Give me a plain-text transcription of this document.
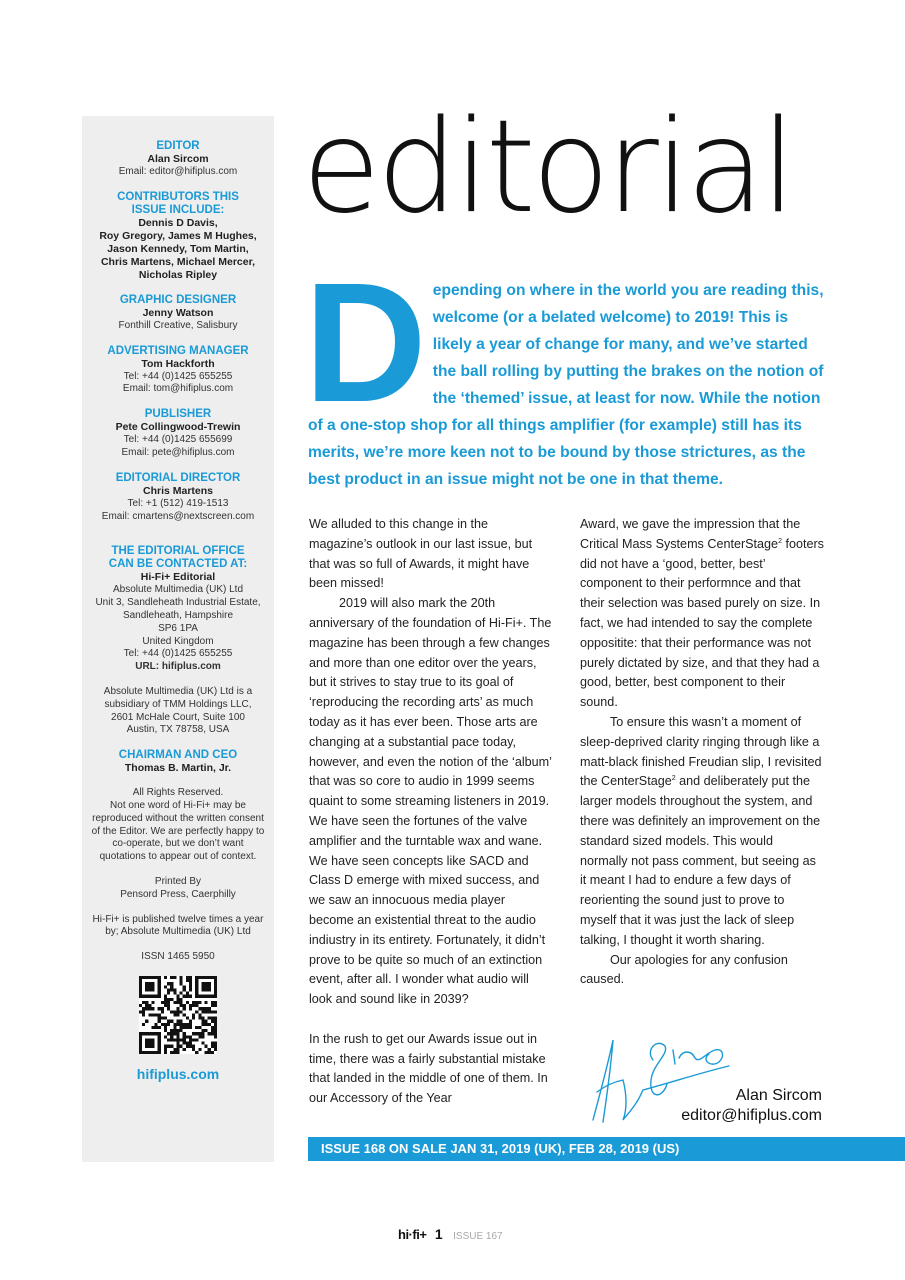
EDITOR
Alan Sircom
Email: editor@hifiplus.com
CONTRIBUTORS THIS ISSUE INCLUDE:
Dennis D Davis,
Roy Gregory, James M Hughes,
Jason Kennedy, Tom Martin,
Chris Martens, Michael Mercer,
Nicholas Ripley
GRAPHIC DESIGNER
Jenny Watson
Fonthill Creative, Salisbury
ADVERTISING MANAGER
Tom Hackforth
Tel: +44 (0)1425 655255
Email: tom@hifiplus.com
PUBLISHER
Pete Collingwood-Trewin
Tel: +44 (0)1425 655699
Email: pete@hifiplus.com
EDITORIAL DIRECTOR
Chris Martens
Tel: +1 (512) 419-1513
Email: cmartens@nextscreen.com
THE EDITORIAL OFFICE CAN BE CONTACTED AT:
Hi-Fi+ Editorial
Absolute Multimedia (UK) Ltd
Unit 3, Sandleheath Industrial Estate,
Sandleheath, Hampshire
SP6 1PA
United Kingdom
Tel: +44 (0)1425 655255
URL: hifiplus.com
Absolute Multimedia (UK) Ltd is a subsidiary of TMM Holdings LLC, 2601 McHale Court, Suite 100 Austin, TX 78758, USA
CHAIRMAN AND CEO
Thomas B. Martin, Jr.
All Rights Reserved.
Not one word of Hi-Fi+ may be reproduced without the written consent of the Editor. We are perfectly happy to co-operate, but we don’t want quotations to appear out of context.
Printed By
Pensord Press, Caerphilly
Hi-Fi+ is published twelve times a year by; Absolute Multimedia (UK) Ltd
ISSN 1465 5950
hifiplus.com
editorial
D epending on where in the world you are reading this, welcome (or a belated welcome) to 2019! This is likely a year of change for many, and we’ve started the ball rolling by putting the brakes on the notion of the ‘themed’ issue, at least for now. While the notion of a one-stop shop for all things amplifier (for example) still has its merits, we’re more keen not to be bound by those strictures, as the best product in an issue might not be one in that theme.

We alluded to this change in the magazine’s outlook in our last issue, but that was so full of Awards, it might have been missed!

2019 will also mark the 20th anniversary of the foundation of Hi-Fi+. The magazine has been through a few changes and more than one editor over the years, but it strives to stay true to its goal of ‘reproducing the recording arts’ as much today as it has ever been. Those arts are changing at a substantial pace today, however, and even the notion of the ‘album’ that was so core to audio in 1999 seems quaint to some streaming listeners in 2019. We have seen the fortunes of the valve amplifier and the turntable wax and wane. We have seen concepts like SACD and Class D emerge with mixed success, and we saw an innocuous media player become an existential threat to the audio indiustry in its entirety. Fortunately, it didn’t prove to be quite so much of an extinction event, after all. I wonder what audio will look and sound like in 2039?

In the rush to get our Awards issue out in time, there was a fairly substantial mistake that landed in the middle of one of them. In our Accessory of the Year

Award, we gave the impression that the Critical Mass Systems CenterStage$^2$ footers did not have a ‘good, better, best’ component to their performnce and that their selection was based purely on size. In fact, we had intended to say the complete oppositite: that their performance was not purely dictated by size, and that they had a good, better, best component to their sound.

To ensure this wasn’t a moment of sleep-deprived clarity ringing through like a matt-black finished Freudian slip, I revisited the CenterStage$^2$ and deliberately put the larger models throughout the system, and there was definitely an improvement on the standard sized models. This would normally not pass comment, but seeing as it meant I had to endure a few days of reorienting the sound just to prove to myself that it was just the lack of sleep talking, I thought it worth sharing.

Our apologies for any confusion caused.

Alan Sircom
editor@hifiplus.com
ISSUE 168 ON SALE JAN 31, 2019 (UK), FEB 28, 2019 (US)
hi·fi+ 1 ISSUE 167
